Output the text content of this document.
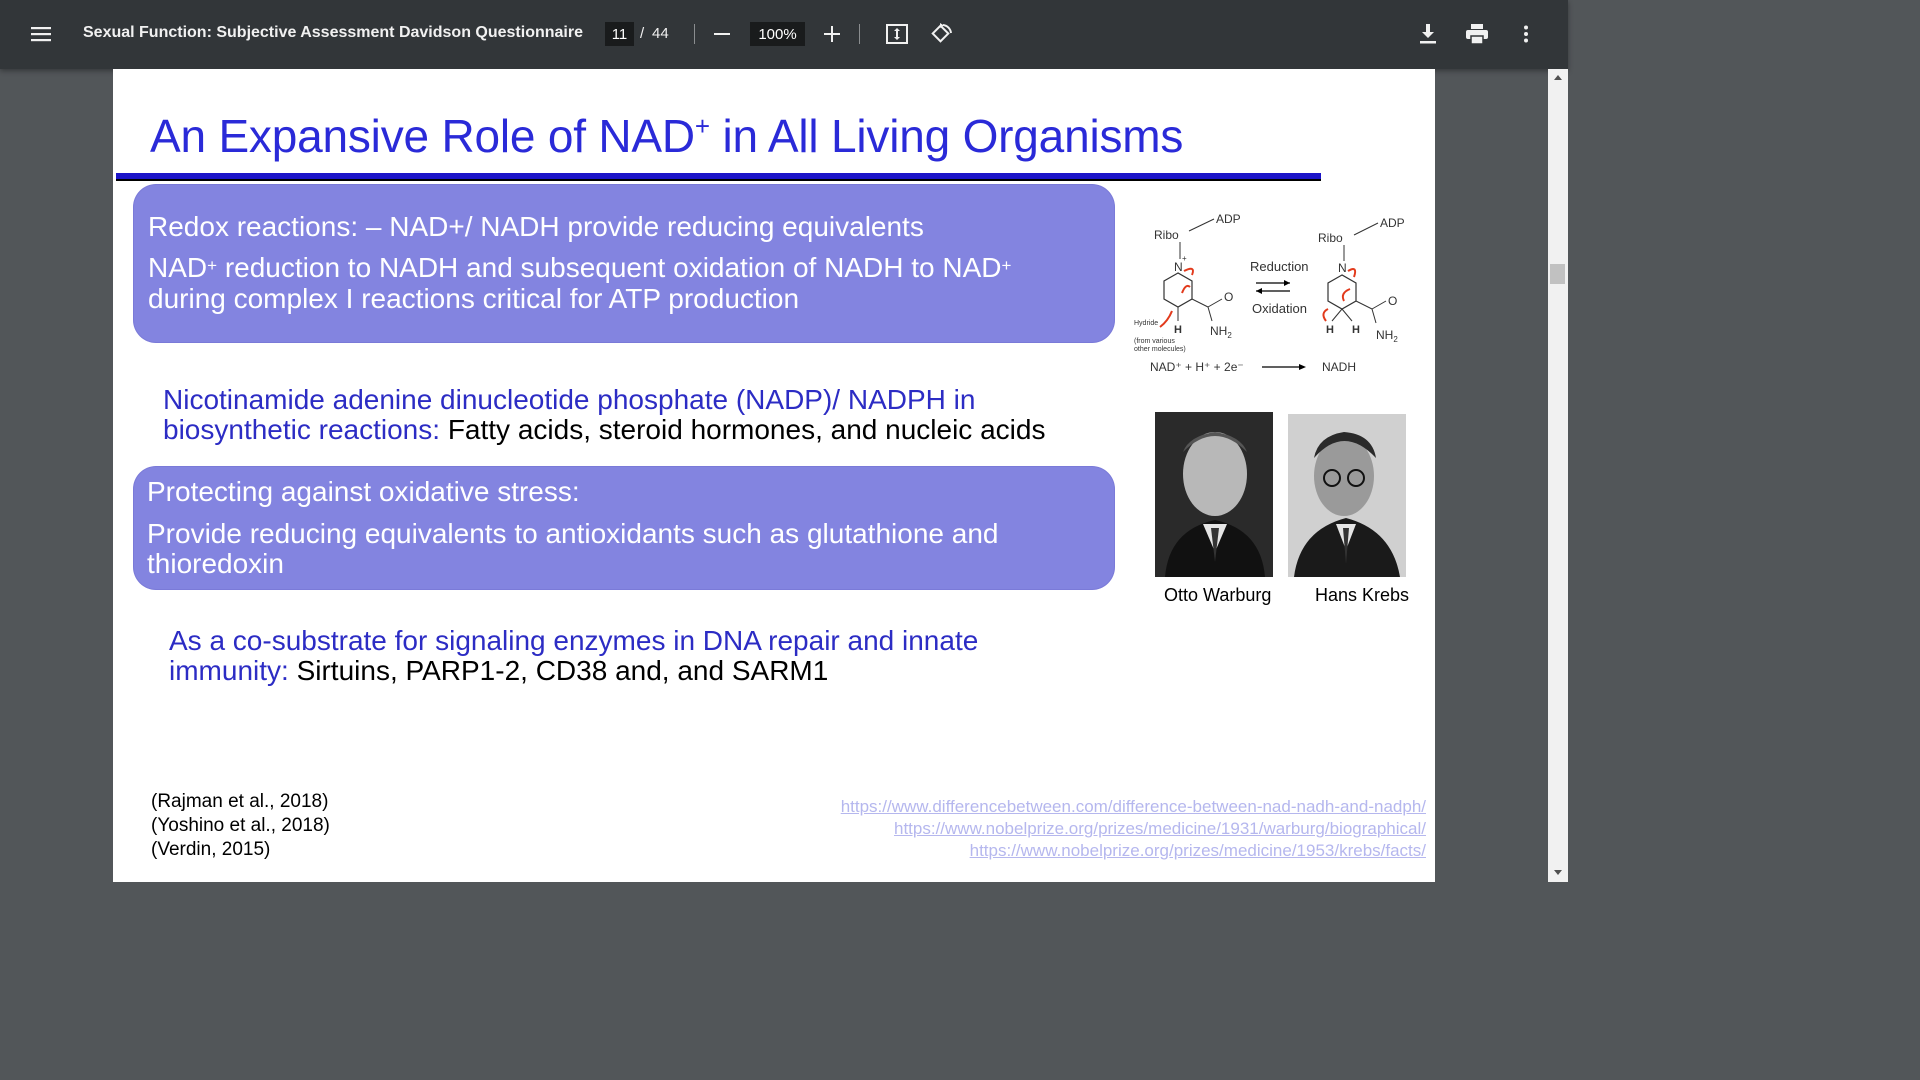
Sexual Function: Subjective Assessment Davidson Questionnaire	11 / 44	100%
An Expansive Role of NAD+ in All Living Organisms
Redox reactions: – NAD+/ NADH provide reducing equivalents
NAD+ reduction to NADH and subsequent oxidation of NADH to NAD+
during complex I reactions critical for ATP production
Nicotinamide adenine dinucleotide phosphate (NADP)/ NADPH in
biosynthetic reactions: Fatty acids, steroid hormones, and nucleic acids
Protecting against oxidative stress:
Provide reducing equivalents to antioxidants such as glutathione and
thioredoxin
As a co-substrate for signaling enzymes in DNA repair and innate
immunity: Sirtuins, PARP1-2, CD38 and, and SARM1
(Rajman et al., 2018)
(Yoshino et al., 2018)
(Verdin, 2015)
https://www.differencebetween.com/difference-between-nad-nadh-and-nadph/
https://www.nobelprize.org/prizes/medicine/1931/warburg/biographical/
https://www.nobelprize.org/prizes/medicine/1953/krebs/facts/
ADP
Ribo
N
+
O
$NH_2$
H
Hydride
(from various
other molecules)
Reduction
Oxidation
ADP
Ribo
N
O
$NH_2$
H H
NAD⁺ + H⁺ + 2e⁻	NADH
Otto Warburg Hans Krebs
